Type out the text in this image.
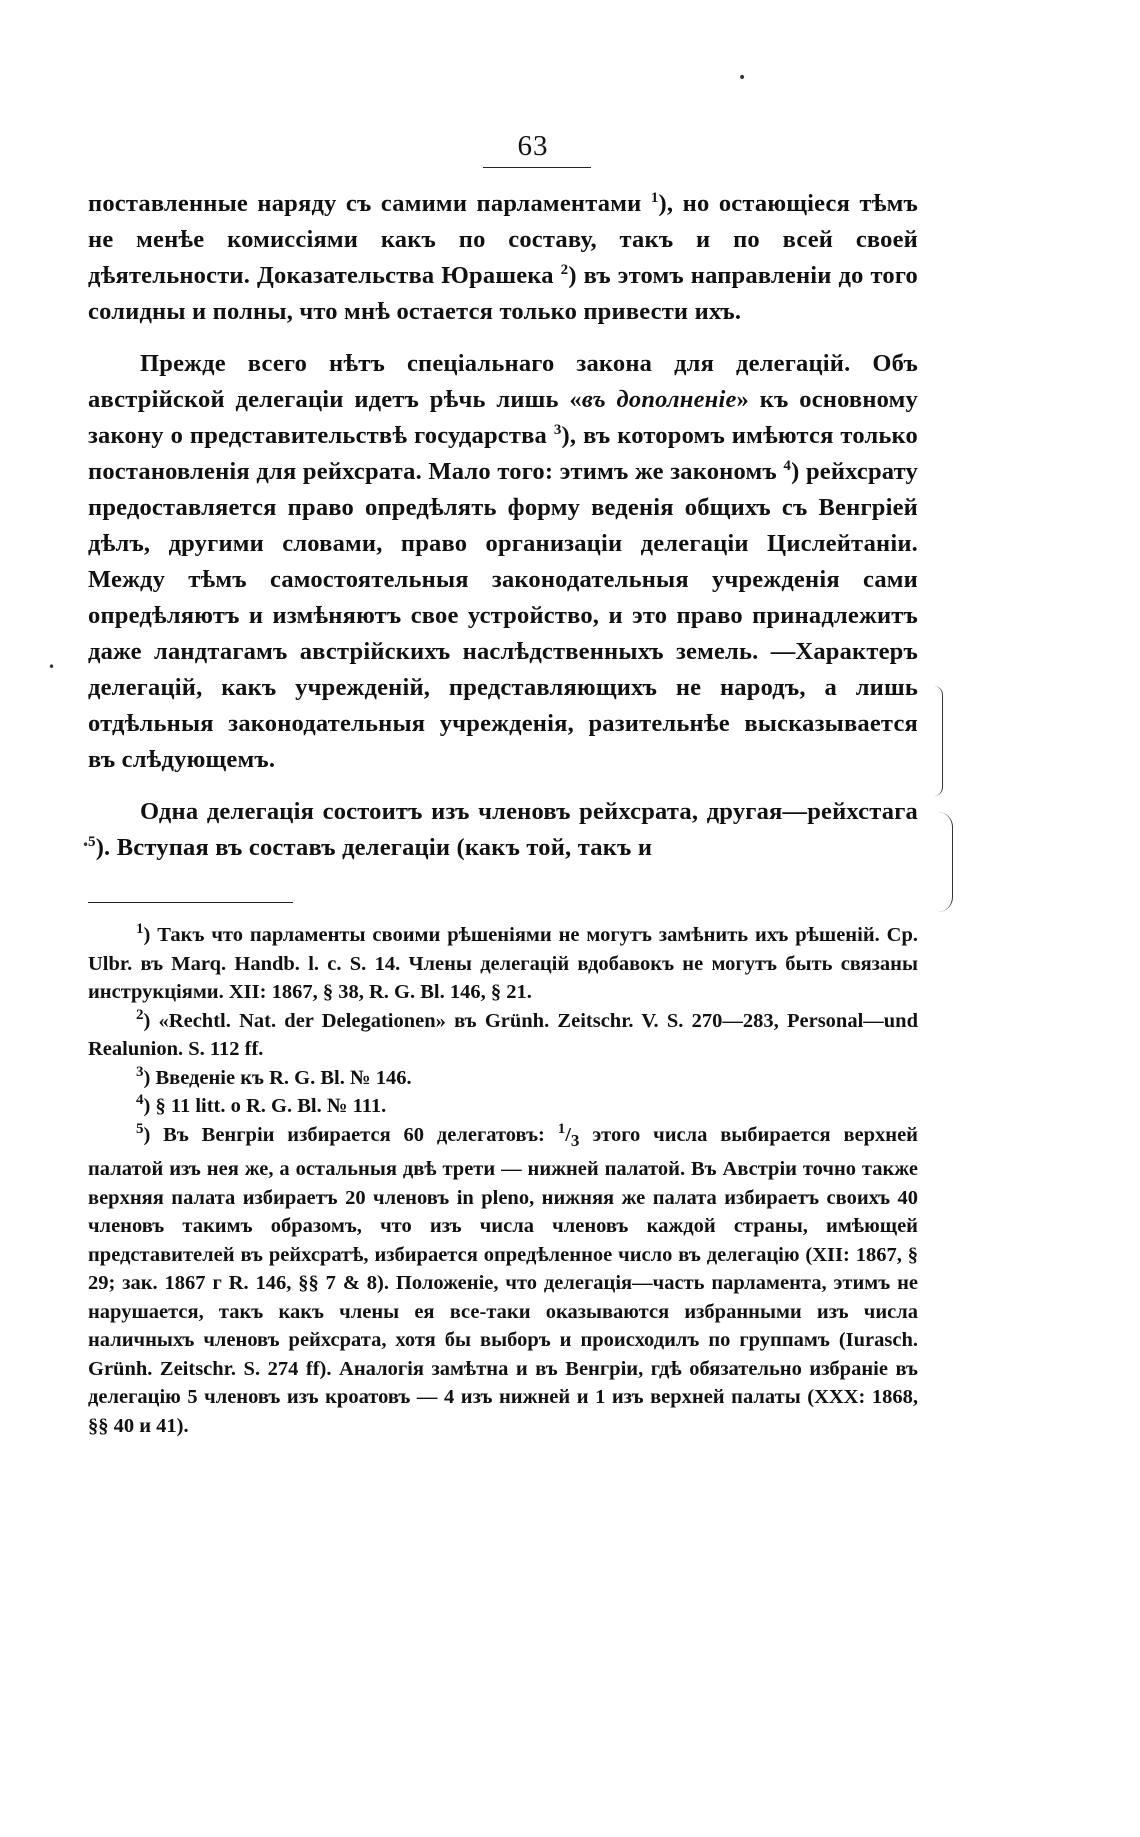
63

поставленные наряду съ самими парламентами $^1$), но остающіеся тѣмъ не менѣе комиссіями какъ по составу, такъ и по всей своей дѣятельности. Доказательства Юрашека $^2$) въ этомъ направленіи до того солидны и полны, что мнѣ остается только привести ихъ.

Прежде всего нѣтъ спеціальнаго закона для делегацій. Объ австрійской делегаціи идетъ рѣчь лишь «въ дополненіе» къ основному закону о представительствѣ государства $^3$), въ которомъ имѣются только постановленія для рейхсрата. Мало того: этимъ же закономъ $^4$) рейхсрату предоставляется право опредѣлять форму веденія общихъ съ Венгріей дѣлъ, другими словами, право организаціи делегаціи Цислейтаніи. Между тѣмъ самостоятельныя законодательныя учрежденія сами опредѣляютъ и измѣняютъ свое устройство, и это право принадлежитъ даже ландтагамъ австрійскихъ наслѣдственныхъ земель. —Характеръ делегацій, какъ учрежденій, представляющихъ не народъ, а лишь отдѣльныя законодательныя учрежденія, разительнѣе высказывается въ слѣдующемъ.

Одна делегація состоитъ изъ членовъ рейхсрата, другая—рейхстага $^5$). Вступая въ составъ делегаціи (какъ той, такъ и

$^1$) Такъ что парламенты своими рѣшеніями не могутъ замѣнить ихъ рѣшеній. Cp. Ulbr. въ Marq. Handb. l. c. S. 14. Члены делегацій вдобавокъ не могутъ быть связаны инструкціями. XII: 1867, § 38, R. G. Bl. 146, § 21.

$^2$) «Rechtl. Nat. der Delegationen» въ Grünh. Zeitschr. V. S. 270—283, Personal—und Realunion. S. 112 ff.

$^3$) Введеніе къ R. G. Bl. № 146.

$^4$) § 11 litt. o R. G. Bl. № 111.

$^5$) Въ Венгріи избирается 60 делегатовъ: $^1/_3$ этого числа выбирается верхней палатой изъ нея же, а остальныя двѣ трети — нижней палатой. Въ Австріи точно также верхняя палата избираетъ 20 членовъ in pleno, нижняя же палата избираетъ своихъ 40 членовъ такимъ образомъ, что изъ числа членовъ каждой страны, имѣющей представителей въ рейхсратѣ, избирается опредѣленное число въ делегацію (XII: 1867, § 29; зак. 1867 г R. 146, §§ 7 & 8). Положеніе, что делегація—часть парламента, этимъ не нарушается, такъ какъ члены ея все-таки оказываются избранными изъ числа наличныхъ членовъ рейхсрата, хотя бы выборъ и происходилъ по группамъ (Iurasch. Grünh. Zeitschr. S. 274 ff). Аналогія замѣтна и въ Венгріи, гдѣ обязательно избраніе въ делегацію 5 членовъ изъ кроатовъ — 4 изъ нижней и 1 изъ верхней палаты (XXX: 1868, §§ 40 и 41).

•
•
•
